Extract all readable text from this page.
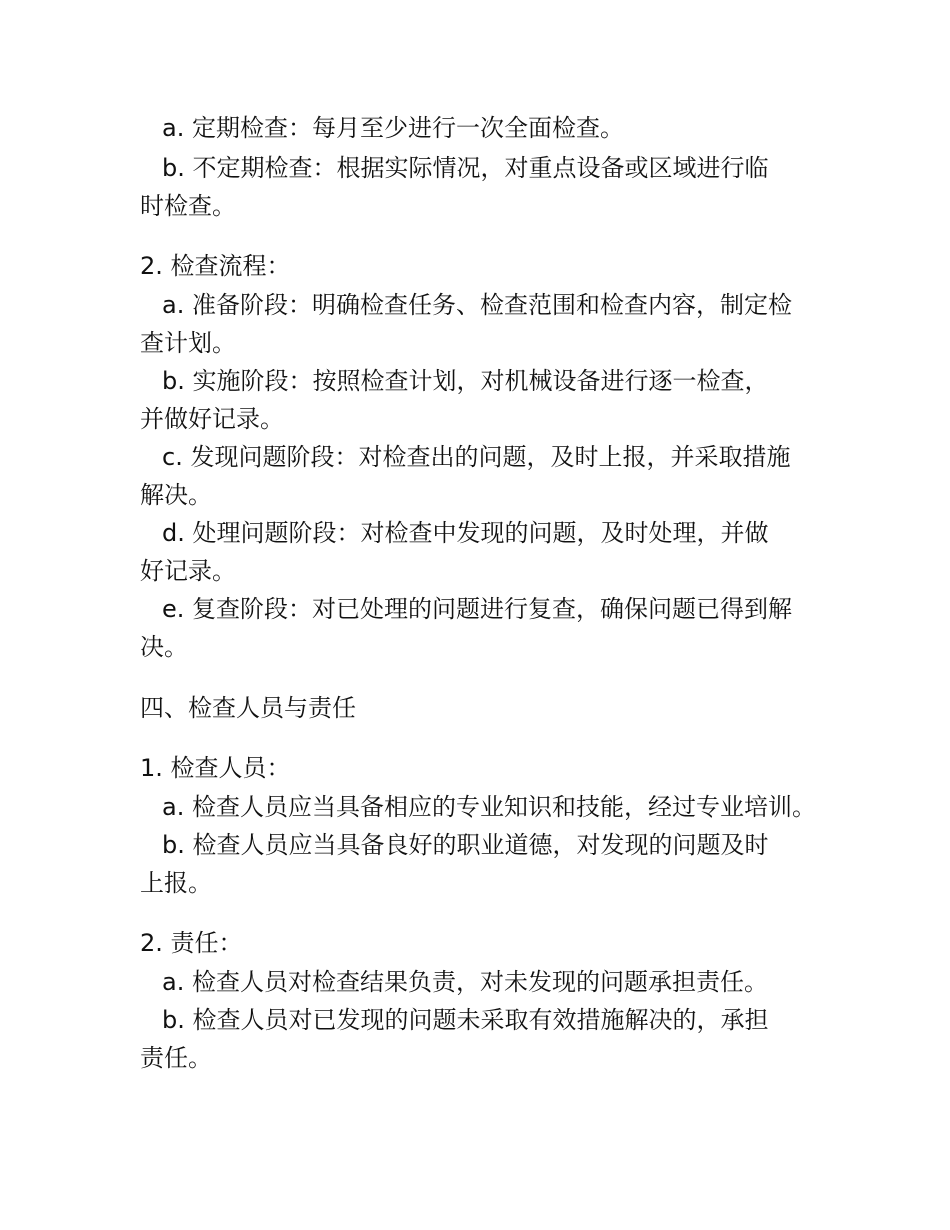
a. 定期检查：每月至少进行一次全面检查。
b. 不定期检查：根据实际情况，对重点设备或区域进行临
时检查。
2. 检查流程：
a. 准备阶段：明确检查任务、检查范围和检查内容，制定检
查计划。
b. 实施阶段：按照检查计划，对机械设备进行逐一检查，
并做好记录。
c. 发现问题阶段：对检查出的问题，及时上报，并采取措施
解决。
d. 处理问题阶段：对检查中发现的问题，及时处理，并做
好记录。
e. 复查阶段：对已处理的问题进行复查，确保问题已得到解
决。
四、检查人员与责任
1. 检查人员：
a. 检查人员应当具备相应的专业知识和技能，经过专业培训。
b. 检查人员应当具备良好的职业道德，对发现的问题及时
上报。
2. 责任：
a. 检查人员对检查结果负责，对未发现的问题承担责任。
b. 检查人员对已发现的问题未采取有效措施解决的，承担
责任。
